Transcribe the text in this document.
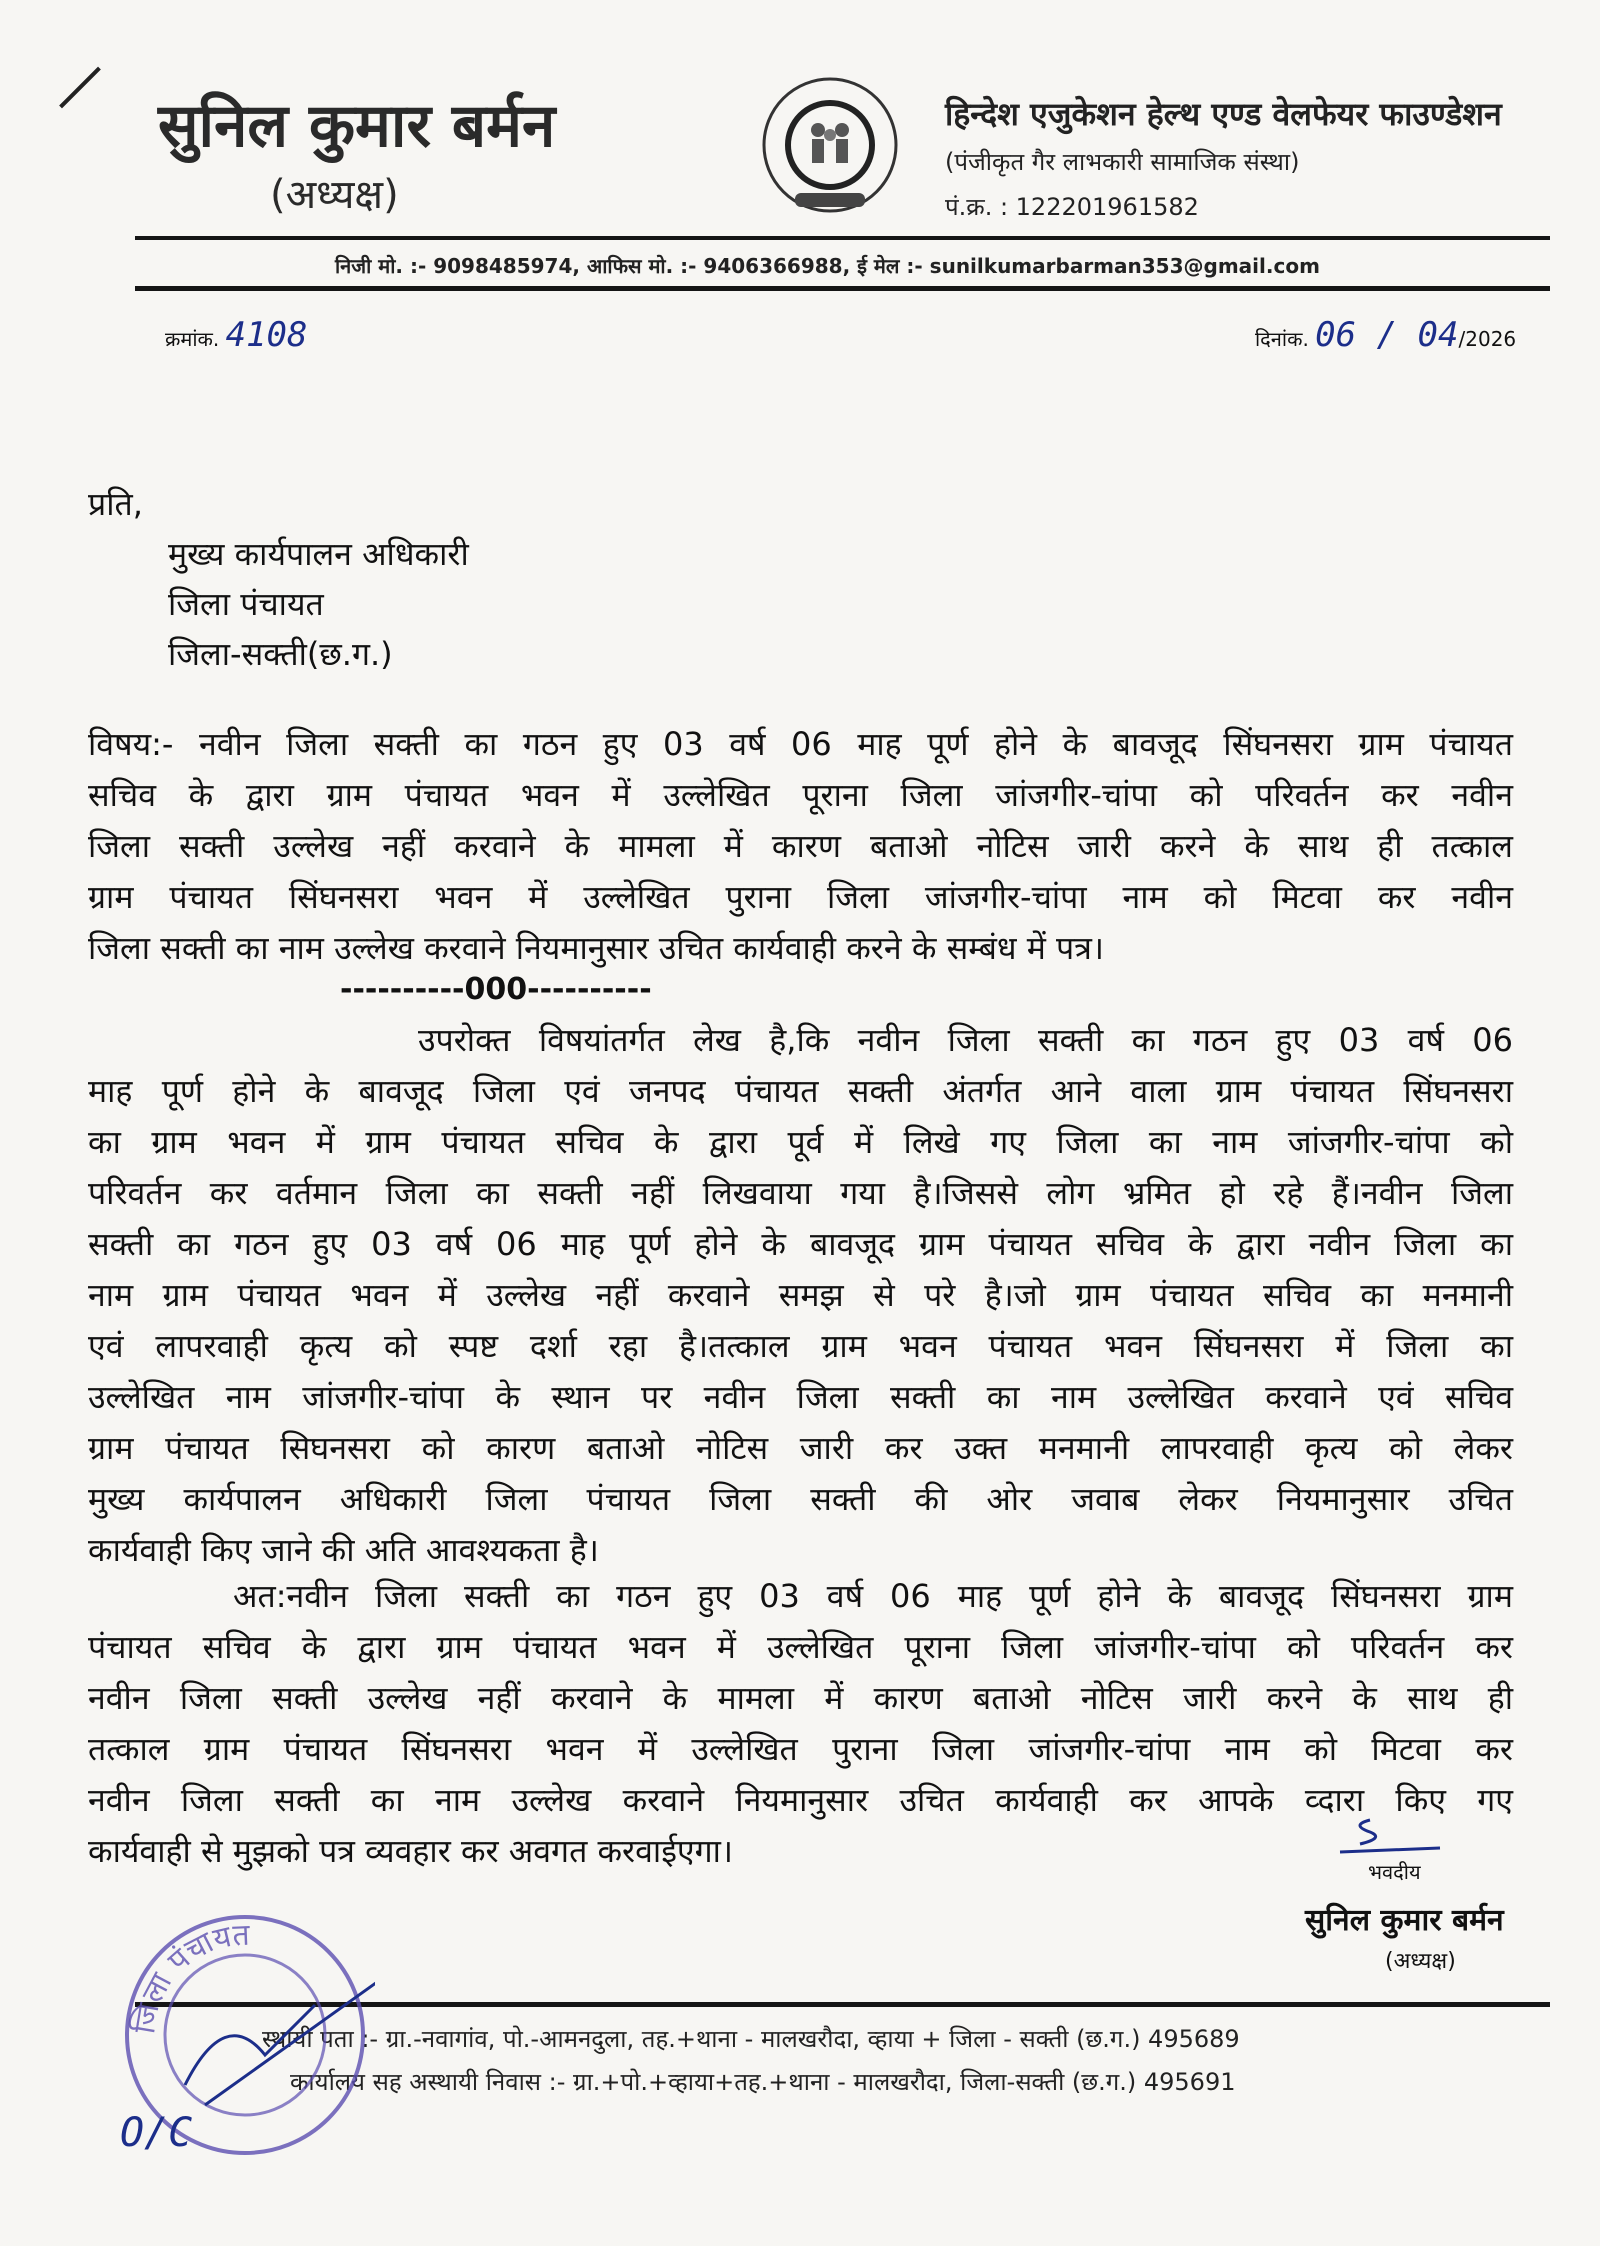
सुनिल कुमार बर्मन
(अध्यक्ष)
हिन्देश एजुकेशन हेल्थ एण्ड वेलफेयर फाउण्डेशन
(पंजीकृत गैर लाभकारी सामाजिक संस्था)
पं.क्र. : 122201961582
निजी मो. :- 9098485974, आफिस मो. :- 9406366988, ई मेल :- sunilkumarbarman353@gmail.com
क्रमांक. 4108	दिनांक. 06 / 04/2026
प्रति,
मुख्य कार्यपालन अधिकारी
जिला पंचायत
जिला-सक्ती(छ.ग.)
विषय:- नवीन जिला सक्ती का गठन हुए 03 वर्ष 06 माह पूर्ण होने के बावजूद सिंघनसरा ग्राम पंचायत
सचिव के द्वारा ग्राम पंचायत भवन में उल्लेखित पूराना जिला जांजगीर-चांपा को परिवर्तन कर नवीन
जिला सक्ती उल्लेख नहीं करवाने के मामला में कारण बताओ नोटिस जारी करने के साथ ही तत्काल
ग्राम पंचायत सिंघनसरा भवन में उल्लेखित पुराना जिला जांजगीर-चांपा नाम को मिटवा कर नवीन
जिला सक्ती का नाम उल्लेख करवाने नियमानुसार उचित कार्यवाही करने के सम्बंध में पत्र।
----------000----------
उपरोक्त विषयांतर्गत लेख है,कि नवीन जिला सक्ती का गठन हुए 03 वर्ष 06
माह पूर्ण होने के बावजूद जिला एवं जनपद पंचायत सक्ती अंतर्गत आने वाला ग्राम पंचायत सिंघनसरा
का ग्राम भवन में ग्राम पंचायत सचिव के द्वारा पूर्व में लिखे गए जिला का नाम जांजगीर-चांपा को
परिवर्तन कर वर्तमान जिला का सक्ती नहीं लिखवाया गया है।जिससे लोग भ्रमित हो रहे हैं।नवीन जिला
सक्ती का गठन हुए 03 वर्ष 06 माह पूर्ण होने के बावजूद ग्राम पंचायत सचिव के द्वारा नवीन जिला का
नाम ग्राम पंचायत भवन में उल्लेख नहीं करवाने समझ से परे है।जो ग्राम पंचायत सचिव का मनमानी
एवं लापरवाही कृत्य को स्पष्ट दर्शा रहा है।तत्काल ग्राम भवन पंचायत भवन सिंघनसरा में जिला का
उल्लेखित नाम जांजगीर-चांपा के स्थान पर नवीन जिला सक्ती का नाम उल्लेखित करवाने एवं सचिव
ग्राम पंचायत सिघनसरा को कारण बताओ नोटिस जारी कर उक्त मनमानी लापरवाही कृत्य को लेकर
मुख्य कार्यपालन अधिकारी जिला पंचायत जिला सक्ती की ओर जवाब लेकर नियमानुसार उचित
कार्यवाही किए जाने की अति आवश्यकता है।
अत:नवीन जिला सक्ती का गठन हुए 03 वर्ष 06 माह पूर्ण होने के बावजूद सिंघनसरा ग्राम
पंचायत सचिव के द्वारा ग्राम पंचायत भवन में उल्लेखित पूराना जिला जांजगीर-चांपा को परिवर्तन कर
नवीन जिला सक्ती उल्लेख नहीं करवाने के मामला में कारण बताओ नोटिस जारी करने के साथ ही
तत्काल ग्राम पंचायत सिंघनसरा भवन में उल्लेखित पुराना जिला जांजगीर-चांपा नाम को मिटवा कर
नवीन जिला सक्ती का नाम उल्लेख करवाने नियमानुसार उचित कार्यवाही कर आपके व्दारा किए गए
कार्यवाही से मुझको पत्र व्यवहार कर अवगत करवाईएगा।
भवदीय
सुनिल कुमार बर्मन
(अध्यक्ष)
स्थायी पता :- ग्रा.-नवागांव, पो.-आमनदुला, तह.+थाना - मालखरौदा, व्हाया + जिला - सक्ती (छ.ग.) 495689
कार्यालय सह अस्थायी निवास :- ग्रा.+पो.+व्हाया+तह.+थाना - मालखरौदा, जिला-सक्ती (छ.ग.) 495691
जिला पंचायत
O/C
